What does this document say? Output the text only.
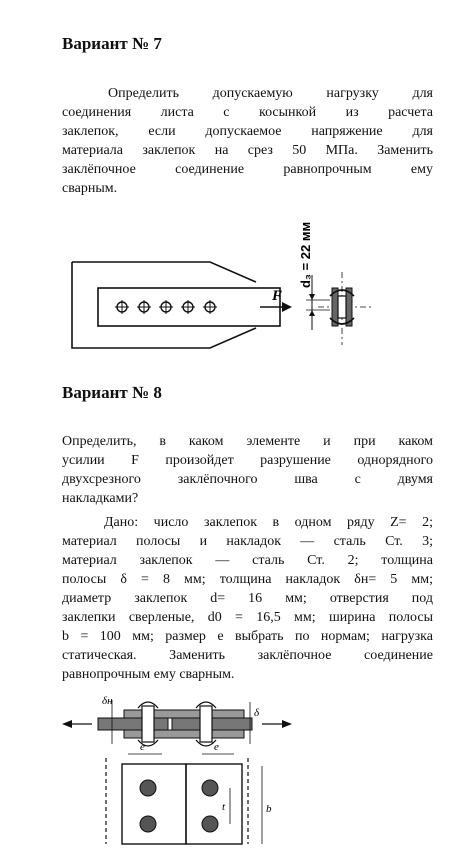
Вариант № 7
Определить допускаемую нагрузку для
соединения листа с косынкой из расчета
заклепок, если допускаемое напряжение для
материала заклепок на срез 50 МПа. Заменить
заклёпочное соединение равнопрочным ему
сварным.
F
d₃ = 22 мм
Вариант № 8
Определить, в каком элементе и при каком
усилии F произойдет разрушение однорядного
двухсрезного заклёпочного шва с двумя
накладками?
Дано: число заклепок в одном ряду Z= 2;
материал полосы и накладок — сталь Ст. 3;
материал заклепок — сталь Ст. 2; толщина
полосы δ = 8 мм; толщина накладок δн= 5 мм;
диаметр заклепок d= 16 мм; отверстия под
заклепки сверленые, d0 = 16,5 мм; ширина полосы
b = 100 мм; размер е выбрать по нормам; нагрузка
статическая. Заменить заклёпочное соединение
равнопрочным ему сварным.
δн
δ
e	e
t	b
